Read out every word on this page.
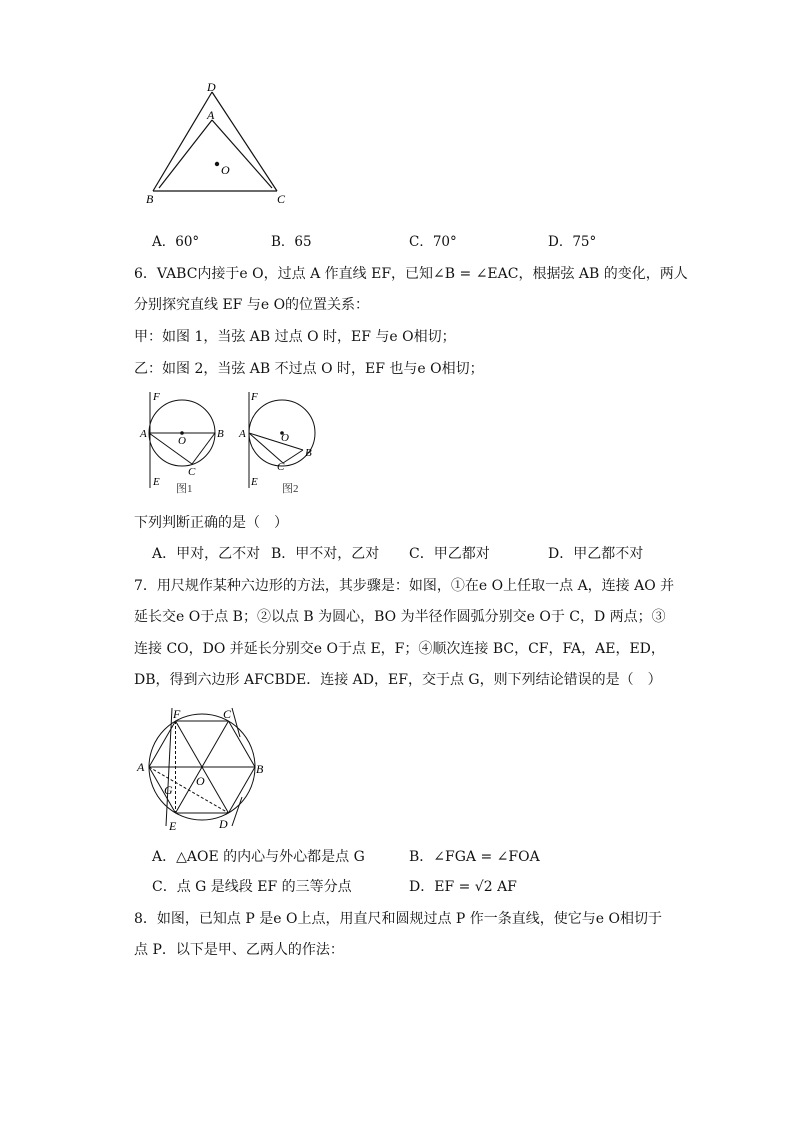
D
A
O
B	C
A．60°	B．65	C．70°	D．75°
6．VABC内接于e O，过点 A 作直线 EF，已知∠B = ∠EAC，根据弦 AB 的变化，两人
分别探究直线 EF 与e O的位置关系：
甲：如图 1，当弦 AB 过点 O 时，EF 与e O相切；
乙：如图 2，当弦 AB 不过点 O 时，EF 也与e O相切；
F
A
O
B
C
E
图1
F
A	O
B
C
E
图2
下列判断正确的是（　）
A．甲对，乙不对 B．甲不对，乙对 C．甲乙都对	D．甲乙都不对
7．用尺规作某种六边形的方法，其步骤是：如图，①在e O上任取一点 A，连接 AO 并
延长交e O于点 B；②以点 B 为圆心，BO 为半径作圆弧分别交e O于 C，D 两点；③
连接 CO，DO 并延长分别交e O于点 E，F；④顺次连接 BC，CF，FA，AE，ED，
DB，得到六边形 AFCBDE．连接 AD，EF，交于点 G，则下列结论错误的是（　）
F	C
A
O
B
G
E	D
A．△AOE 的内心与外心都是点 G	B．∠FGA = ∠FOA
C．点 G 是线段 EF 的三等分点	D．EF = √2 AF
8．如图，已知点 P 是e O上点，用直尺和圆规过点 P 作一条直线，使它与e O相切于
点 P．以下是甲、乙两人的作法：
